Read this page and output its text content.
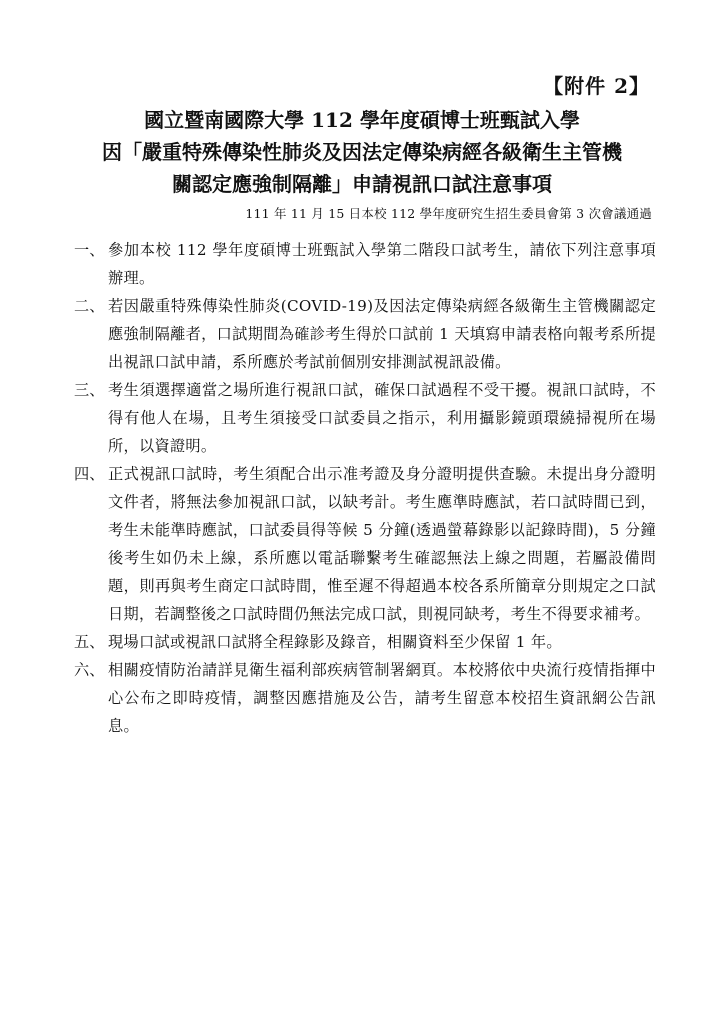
【附件 2】
國立暨南國際大學 112 學年度碩博士班甄試入學
因「嚴重特殊傳染性肺炎及因法定傳染病經各級衛生主管機
關認定應強制隔離」申請視訊口試注意事項
111 年 11 月 15 日本校 112 學年度研究生招生委員會第 3 次會議通過
一、 參加本校 112 學年度碩博士班甄試入學第二階段口試考生，請依下列注意事項辦理。
二、 若因嚴重特殊傳染性肺炎(COVID-19)及因法定傳染病經各級衛生主管機關認定應強制隔離者，口試期間為確診考生得於口試前 1 天填寫申請表格向報考系所提出視訊口試申請，系所應於考試前個別安排測試視訊設備。
三、 考生須選擇適當之場所進行視訊口試，確保口試過程不受干擾。視訊口試時，不得有他人在場，且考生須接受口試委員之指示，利用攝影鏡頭環繞掃視所在場所，以資證明。
四、 正式視訊口試時，考生須配合出示准考證及身分證明提供查驗。未提出身分證明文件者，將無法參加視訊口試，以缺考計。考生應準時應試，若口試時間已到，考生未能準時應試，口試委員得等候 5 分鐘(透過螢幕錄影以記錄時間)，5 分鐘後考生如仍未上線，系所應以電話聯繫考生確認無法上線之問題，若屬設備問題，則再與考生商定口試時間，惟至遲不得超過本校各系所簡章分則規定之口試日期，若調整後之口試時間仍無法完成口試，則視同缺考，考生不得要求補考。
五、 現場口試或視訊口試將全程錄影及錄音，相關資料至少保留 1 年。
六、 相關疫情防治請詳見衛生福利部疾病管制署網頁。本校將依中央流行疫情指揮中心公布之即時疫情，調整因應措施及公告，請考生留意本校招生資訊網公告訊息。
